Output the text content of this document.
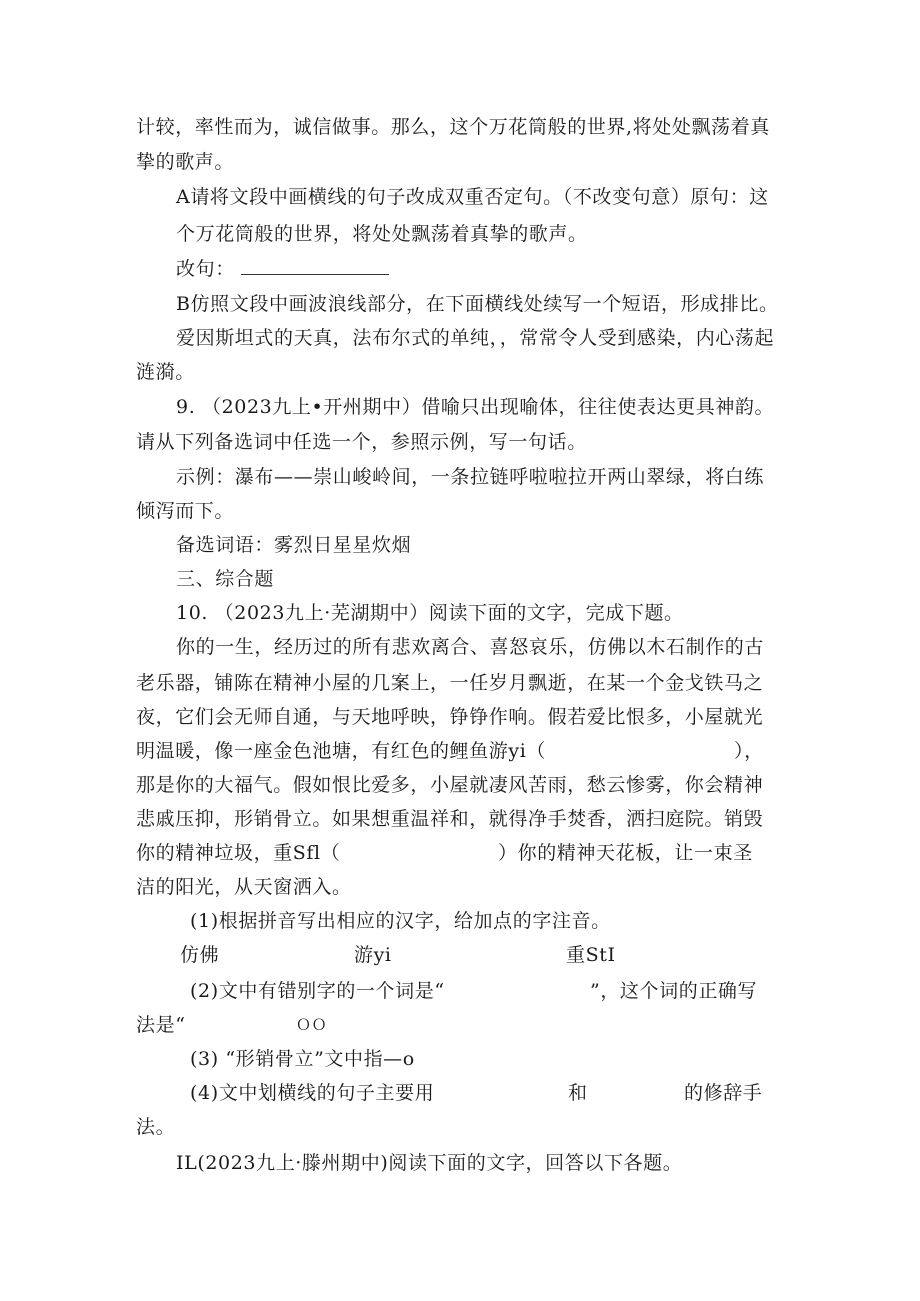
计较，率性而为，诚信做事。那么，这个万花筒般的世界,将处处飘荡着真
挚的歌声。
A请将文段中画横线的句子改成双重否定句。（不改变句意）原句：这
个万花筒般的世界，将处处飘荡着真挚的歌声。
改句：
B仿照文段中画波浪线部分，在下面横线处续写一个短语，形成排比。
爱因斯坦式的天真，法布尔式的单纯，，常常令人受到感染，内心荡起
涟漪。
9. （2023九上•开州期中）借喻只出现喻体，往往使表达更具神韵。
请从下列备选词中任选一个，参照示例，写一句话。
示例：瀑布——崇山峻岭间，一条拉链呼啦啦拉开两山翠绿，将白练
倾泻而下。
备选词语：雾烈日星星炊烟
三、综合题
10. （2023九上·芜湖期中）阅读下面的文字，完成下题。
你的一生，经历过的所有悲欢离合、喜怒哀乐，仿佛以木石制作的古
老乐器，铺陈在精神小屋的几案上，一任岁月飘逝，在某一个金戈铁马之
夜，它们会无师自通，与天地呼映，铮铮作响。假若爱比恨多，小屋就光
明温暖，像一座金色池塘，有红色的鲤鱼游yi（	），
那是你的大福气。假如恨比爱多，小屋就凄风苦雨，愁云惨雾，你会精神
悲戚压抑，形销骨立。如果想重温祥和，就得净手焚香，洒扫庭院。销毁
你的精神垃圾，重Sfl（	）你的精神天花板，让一束圣
洁的阳光，从天窗洒入。
(1)根据拼音写出相应的汉字，给加点的字注音。
仿佛	游yi	重StI
(2)文中有错别字的一个词是“	”，这个词的正确写
法是“	ＯＯ
(3) “形销骨立”文中指—o
(4)文中划横线的句子主要用	和	的修辞手
法。
IL(2023九上·滕州期中)阅读下面的文字，回答以下各题。
